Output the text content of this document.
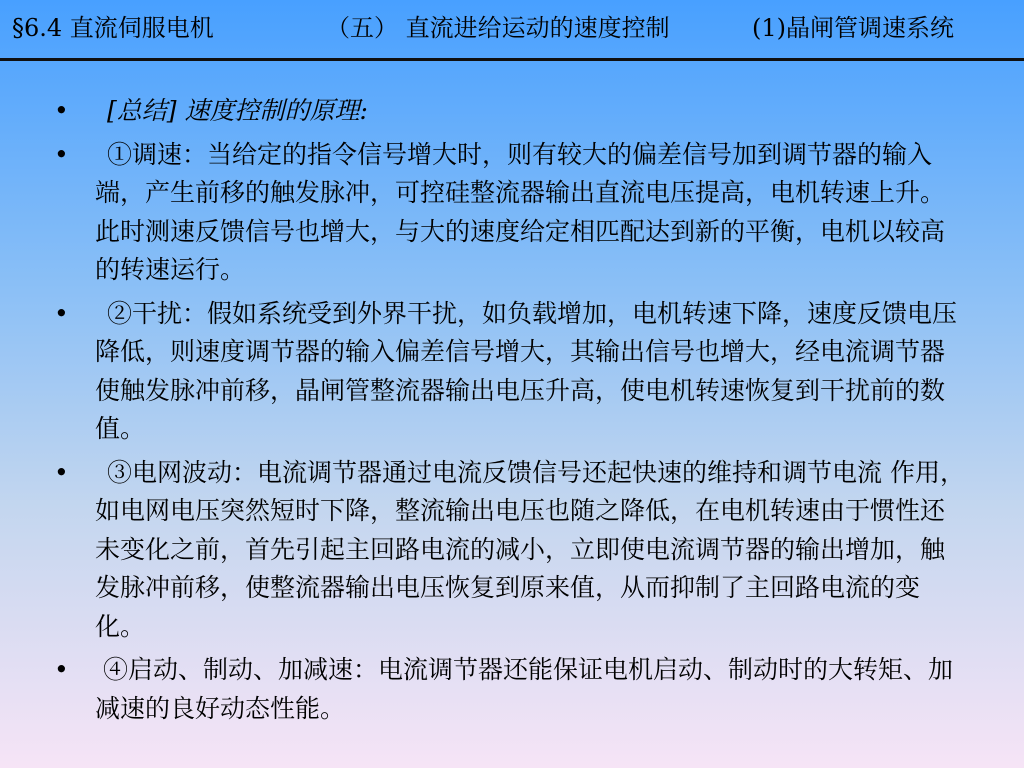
§6.4 直流伺服电机	（五） 直流进给运动的速度控制	(1)晶闸管调速系统
• [总结] 速度控制的原理:
• ①调速：当给定的指令信号增大时，则有较大的偏差信号加到调节器的输入端，产生前移的触发脉冲，可控硅整流器输出直流电压提高，电机转速上升。此时测速反馈信号也增大，与大的速度给定相匹配达到新的平衡，电机以较高的转速运行。
• ②干扰：假如系统受到外界干扰，如负载增加，电机转速下降，速度反馈电压降低，则速度调节器的输入偏差信号增大，其输出信号也增大，经电流调节器使触发脉冲前移，晶闸管整流器输出电压升高，使电机转速恢复到干扰前的数值。
• ③电网波动：电流调节器通过电流反馈信号还起快速的维持和调节电流 作用，如电网电压突然短时下降，整流输出电压也随之降低，在电机转速由于惯性还未变化之前，首先引起主回路电流的减小，立即使电流调节器的输出增加，触发脉冲前移，使整流器输出电压恢复到原来值，从而抑制了主回路电流的变化。
• ④启动、制动、加减速：电流调节器还能保证电机启动、制动时的大转矩、加减速的良好动态性能。
